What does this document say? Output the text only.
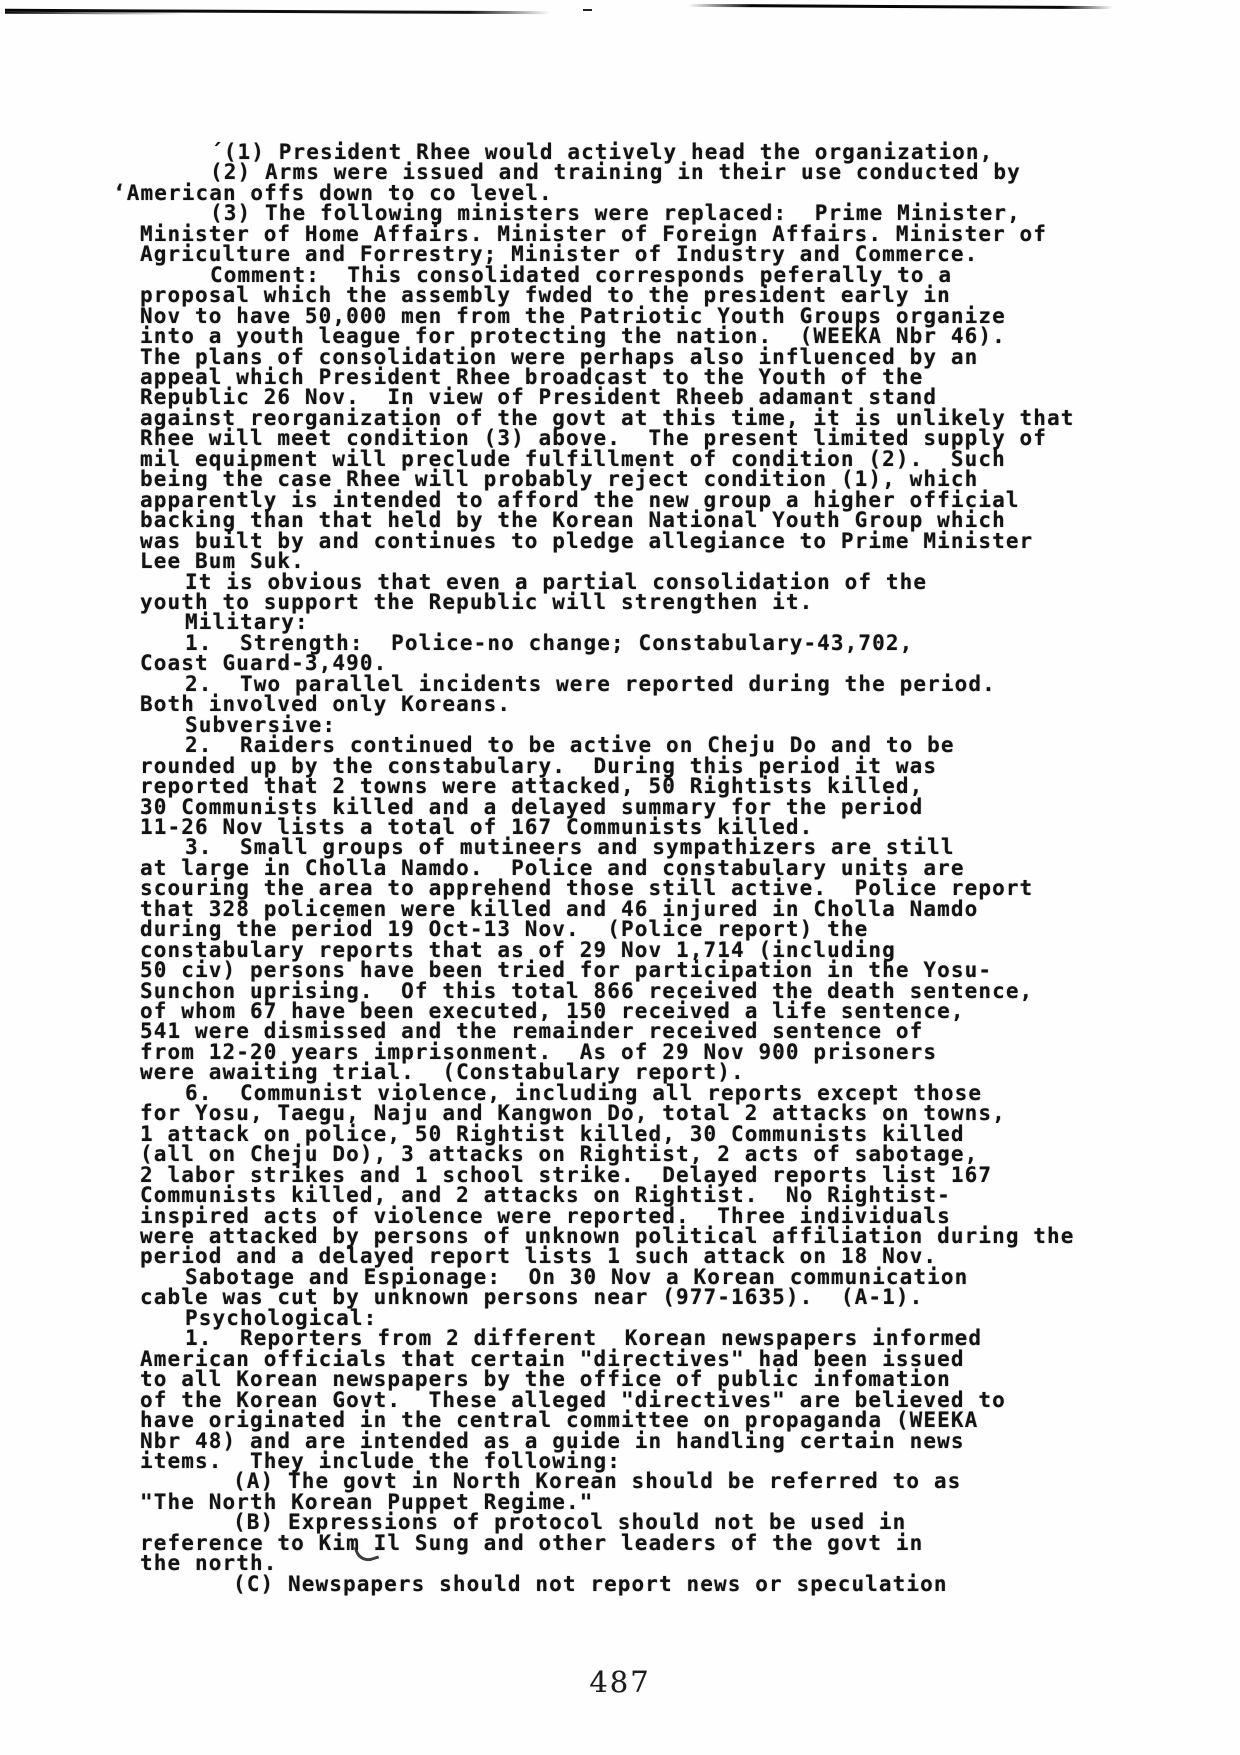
´(1) President Rhee would actively head the organization,
(2) Arms were issued and training in their use conducted by
ʻAmerican offs down to co level.
(3) The following ministers were replaced:  Prime Minister,
Minister of Home Affairs. Minister of Foreign Affairs. Minister of
Agriculture and Forrestry; Minister of Industry and Commerce.
Comment:  This consolidated corresponds peferally to a
proposal which the assembly fwded to the president early in
Nov to have 50,000 men from the Patriotic Youth Groups organize
into a youth league for protecting the nation.  (WEEKA Nbr 46).
The plans of consolidation were perhaps also influenced by an
appeal which President Rhee broadcast to the Youth of the
Republic 26 Nov.  In view of President Rheeb adamant stand
against reorganization of the govt at this time, it is unlikely that
Rhee will meet condition (3) above.  The present limited supply of
mil equipment will preclude fulfillment of condition (2).  Such
being the case Rhee will probably reject condition (1), which
apparently is intended to afford the new group a higher official
backing than that held by the Korean National Youth Group which
was built by and continues to pledge allegiance to Prime Minister
Lee Bum Suk.
It is obvious that even a partial consolidation of the
youth to support the Republic will strengthen it.
Military:
1.  Strength:  Police-no change; Constabulary-43,702,
Coast Guard-3,490.
2.  Two parallel incidents were reported during the period.
Both involved only Koreans.
Subversive:
2.  Raiders continued to be active on Cheju Do and to be
rounded up by the constabulary.  During this period it was
reported that 2 towns were attacked, 50 Rightists killed,
30 Communists killed and a delayed summary for the period
11-26 Nov lists a total of 167 Communists killed.
3.  Small groups of mutineers and sympathizers are still
at large in Cholla Namdo.  Police and constabulary units are
scouring the area to apprehend those still active.  Police report
that 328 policemen were killed and 46 injured in Cholla Namdo
during the period 19 Oct-13 Nov.  (Police report) the
constabulary reports that as of 29 Nov 1,714 (including
50 civ) persons have been tried for participation in the Yosu-
Sunchon uprising.  Of this total 866 received the death sentence,
of whom 67 have been executed, 150 received a life sentence,
541 were dismissed and the remainder received sentence of
from 12-20 years imprisonment.  As of 29 Nov 900 prisoners
were awaiting trial.  (Constabulary report).
6.  Communist violence, including all reports except those
for Yosu, Taegu, Naju and Kangwon Do, total 2 attacks on towns,
1 attack on police, 50 Rightist killed, 30 Communists killed
(all on Cheju Do), 3 attacks on Rightist, 2 acts of sabotage,
2 labor strikes and 1 school strike.  Delayed reports list 167
Communists killed, and 2 attacks on Rightist.  No Rightist-
inspired acts of violence were reported.  Three individuals
were attacked by persons of unknown political affiliation during the
period and a delayed report lists 1 such attack on 18 Nov.
Sabotage and Espionage:  On 30 Nov a Korean communication
cable was cut by unknown persons near (977-1635).  (A-1).
Psychological:
1.  Reporters from 2 different  Korean newspapers informed
American officials that certain "directives" had been issued
to all Korean newspapers by the office of public infomation
of the Korean Govt.  These alleged "directives" are believed to
have originated in the central committee on propaganda (WEEKA
Nbr 48) and are intended as a guide in handling certain news
items.  They include the following:
(A) The govt in North Korean should be referred to as
"The North Korean Puppet Regime."
(B) Expressions of protocol should not be used in
reference to Kim Il Sung and other leaders of the govt in
the north.
(C) Newspapers should not report news or speculation
487
